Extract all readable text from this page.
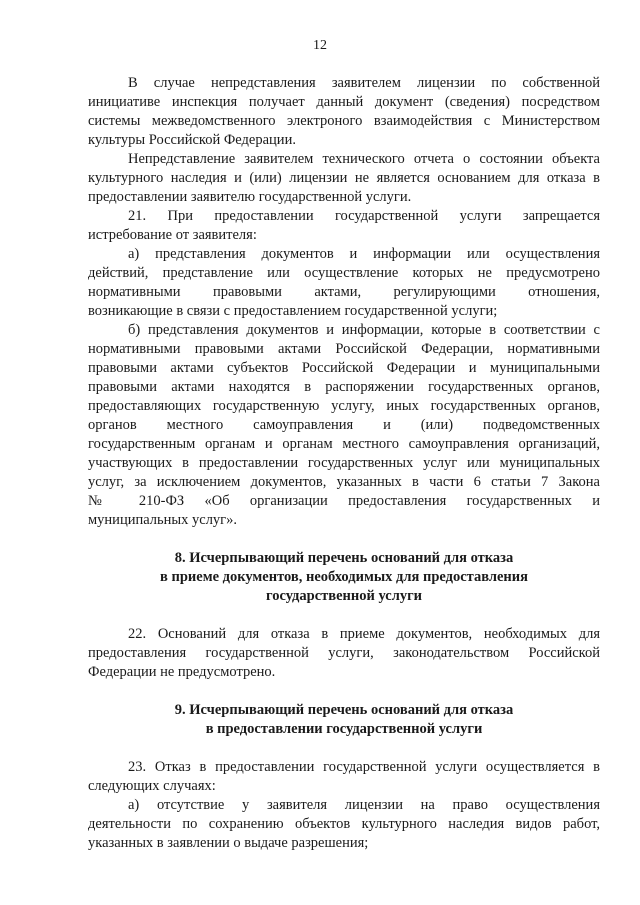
12
В случае непредставления заявителем лицензии по собственной
инициативе инспекция получает данный документ (сведения) посредством
системы межведомственного электроного взаимодействия с Министерством
культуры Российской Федерации.
Непредставление заявителем технического отчета о состоянии объекта
культурного наследия и (или) лицензии не является основанием для отказа в
предоставлении заявителю государственной услуги.
21. При предоставлении государственной услуги запрещается
истребование от заявителя:
а) представления документов и информации или осуществления
действий, представление или осуществление которых не предусмотрено
нормативными правовыми актами, регулирующими отношения,
возникающие в связи с предоставлением государственной услуги;
б) представления документов и информации, которые в соответствии с
нормативными правовыми актами Российской Федерации, нормативными
правовыми актами субъектов Российской Федерации и муниципальными
правовыми актами находятся в распоряжении государственных органов,
предоставляющих государственную услугу, иных государственных органов,
органов местного самоуправления и (или) подведомственных
государственным органам и органам местного самоуправления организаций,
участвующих в предоставлении государственных услуг или муниципальных
услуг, за исключением документов, указанных в части 6 статьи 7 Закона
№ 210-ФЗ «Об организации предоставления государственных и
муниципальных услуг».
8. Исчерпывающий перечень оснований для отказа
в приеме документов, необходимых для предоставления
государственной услуги
22. Оснований для отказа в приеме документов, необходимых для
предоставления государственной услуги, законодательством Российской
Федерации не предусмотрено.
9. Исчерпывающий перечень оснований для отказа
в предоставлении государственной услуги
23. Отказ в предоставлении государственной услуги осуществляется в
следующих случаях:
а) отсутствие у заявителя лицензии на право осуществления
деятельности по сохранению объектов культурного наследия видов работ,
указанных в заявлении о выдаче разрешения;
